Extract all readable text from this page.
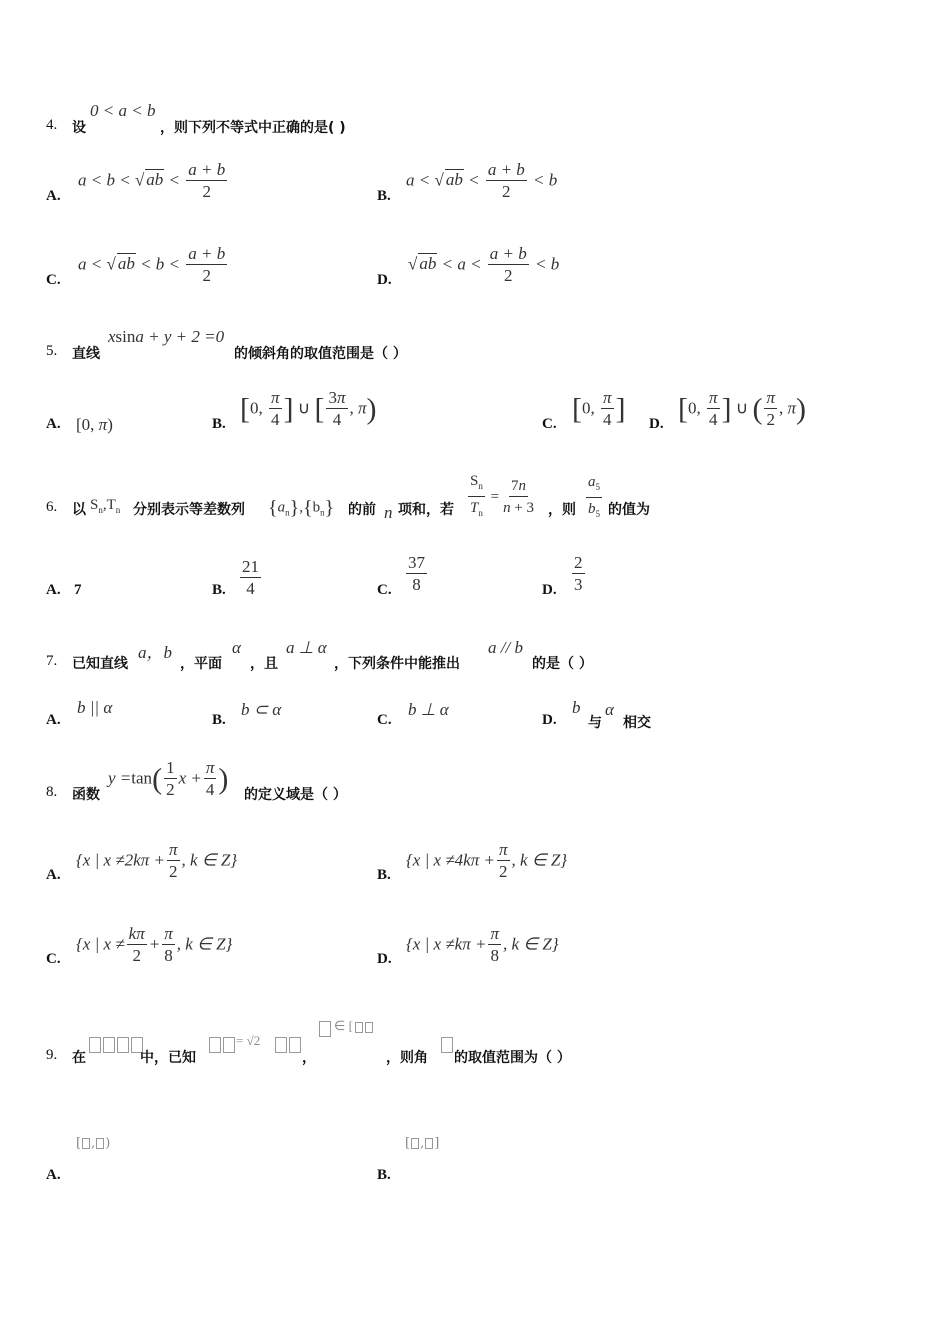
4. 设
0 < a < b
，则下列不等式中正确的是( )
A.
a < b < √ ab < $\frac{a + b}{2}$	B.
a < √ ab < $\frac{a + b}{2} < b$
C.
a < √ ab < $b < \frac{a + b}{2}$	D.
√ ab < $a < \frac{a + b}{2} < b$
5. 直线
xsina + y + 2 =0
的倾斜角的取值范围是（ ）
A. [0, π)	B. [0, $\frac{\pi}{4}$ ] ∪ [ $\frac{3\pi}{4}$ , π)	C. [0, $\frac{\pi}{4}$ ] D. [0, $\frac{\pi}{4}$ ] ∪ ( $\frac{\pi}{2}$ , π)
6. 以 $S_n,T_n$ 分别表示等差数列 $\{a_n\},\{b_n\}$ 的前 n 项和，若 $\frac{S_n}{T_n} = \frac{7n}{n + 3}$ ，则 $\frac{a_5}{b_5}$ 的值为
A. 7	B. $\frac{21}{4}$	C. $\frac{37}{8}$	D. $\frac{2}{3}$
7. 已知直线
a，b
，平面
α
，且
a ⊥ α
，下列条件中能推出
a // b
的是（ ）
A.
b || α
B.
b ⊂ α
C.
b ⊥ α
D.
b
与
α
相交
8. 函数
$y =\tan( \frac{1}{2}$ $x + \frac{\pi}{4}$ ) 的定义域是（ ）
A.
{x | $x \ne 2k\pi + \frac{\pi}{2}$ , k ∈ Z}
B.
{x | $x \ne 4k\pi + \frac{\pi}{2}$ , k ∈ Z}
C.
{x | $x \ne \frac{k\pi}{2} + \frac{\pi}{8}$ , k ∈ Z}
D.
{x | $x \ne k\pi + \frac{\pi}{8}$ , k ∈ Z}
9. 在	中，已知
= √2
，
∈ [
，则角 的取值范围为（ ）
A.
[ , )
B.
[ , ]
